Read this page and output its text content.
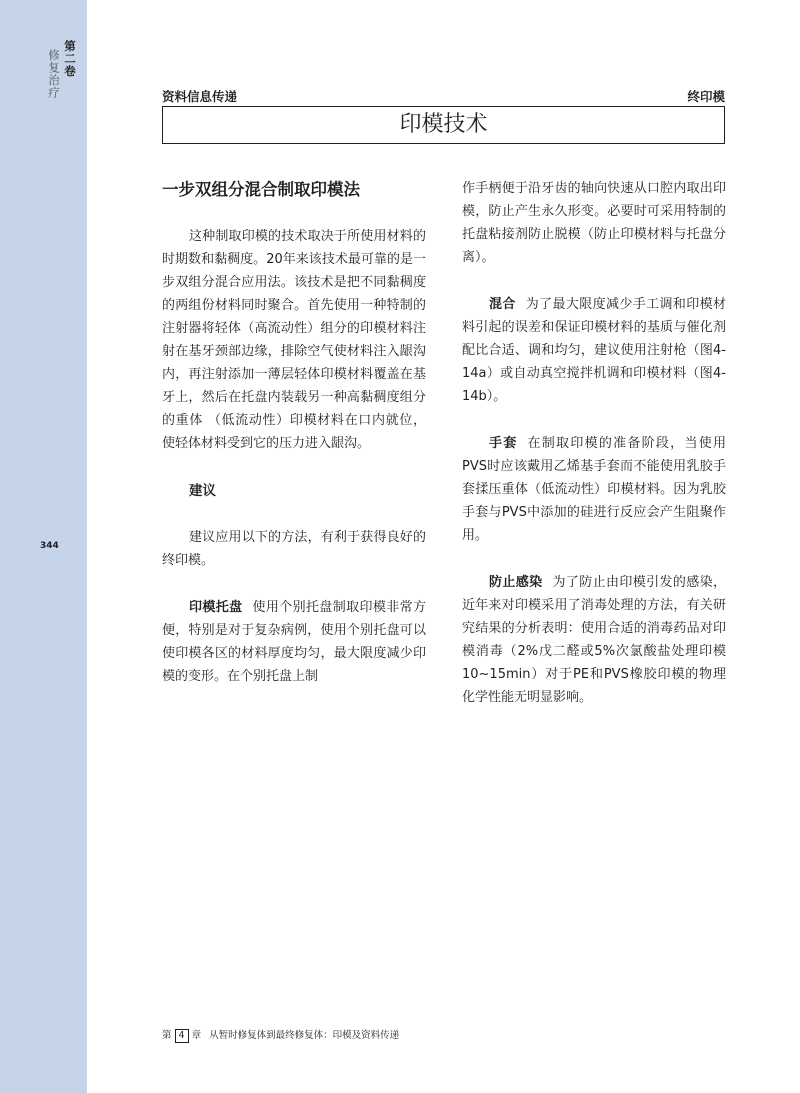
第二卷
修复治疗
344
资料信息传递	终印模
印模技术
一步双组分混合制取印模法

这种制取印模的技术取决于所使用材料的时期数和黏稠度。20年来该技术最可靠的是一步双组分混合应用法。该技术是把不同黏稠度的两组份材料同时聚合。首先使用一种特制的注射器将轻体（高流动性）组分的印模材料注射在基牙颈部边缘，排除空气使材料注入龈沟内，再注射添加一薄层轻体印模材料覆盖在基牙上，然后在托盘内装载另一种高黏稠度组分的重体 （低流动性）印模材料在口内就位，使轻体材料受到它的压力进入龈沟。

建议

建议应用以下的方法，有利于获得良好的终印模。

印模托盘 使用个别托盘制取印模非常方便，特别是对于复杂病例，使用个别托盘可以使印模各区的材料厚度均匀，最大限度减少印模的变形。在个别托盘上制

作手柄便于沿牙齿的轴向快速从口腔内取出印模，防止产生永久形变。必要时可采用特制的托盘粘接剂防止脱模（防止印模材料与托盘分离）。

混合 为了最大限度减少手工调和印模材料引起的误差和保证印模材料的基质与催化剂配比合适、调和均匀，建议使用注射枪（图4-14a）或自动真空搅拌机调和印模材料（图4-14b）。

手套 在制取印模的准备阶段，当使用PVS时应该戴用乙烯基手套而不能使用乳胶手套揉压重体（低流动性）印模材料。因为乳胶手套与PVS中添加的硅进行反应会产生阻聚作用。

防止感染 为了防止由印模引发的感染，近年来对印模采用了消毒处理的方法，有关研究结果的分析表明：使用合适的消毒药品对印模消毒（2%戊二醛或5%次氯酸盐处理印模10~15min）对于PE和PVS橡胶印模的物理化学性能无明显影响。

第 4 章 从暂时修复体到最终修复体：印模及资料传递
